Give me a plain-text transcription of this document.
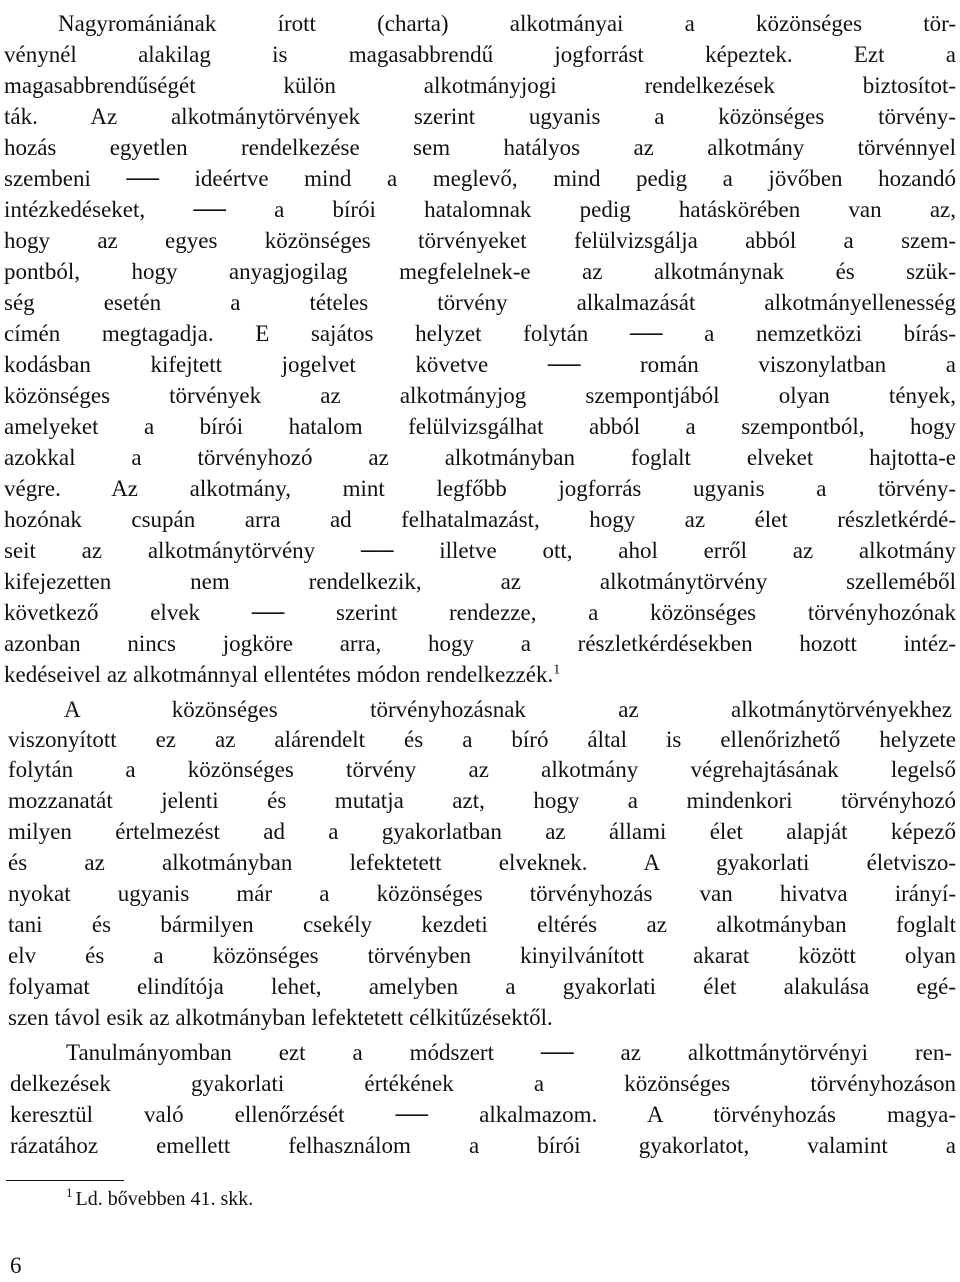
Nagyromániának írott (charta) alkotmányai a közönséges tör-
vénynél alakilag is magasabbrendű jogforrást képeztek. Ezt a
magasabbrendűségét külön alkotmányjogi rendelkezések biztosítot-
ták. Az alkotmánytörvények szerint ugyanis a közönséges törvény-
hozás egyetlen rendelkezése sem hatályos az alkotmány törvénnyel
szembeni ── ideértve mind a meglevő, mind pedig a jövőben hozandó
intézkedéseket, ── a bírói hatalomnak pedig hatáskörében van az,
hogy az egyes közönséges törvényeket felülvizsgálja abból a szem-
pontból, hogy anyagjogilag megfelelnek-e az alkotmánynak és szük-
ség esetén a tételes törvény alkalmazását alkotmányellenesség
címén megtagadja. E sajátos helyzet folytán ── a nemzetközi bírás-
kodásban kifejtett jogelvet követve ── román viszonylatban a
közönséges törvények az alkotmányjog szempontjából olyan tények,
amelyeket a bírói hatalom felülvizsgálhat abból a szempontból, hogy
azokkal a törvényhozó az alkotmányban foglalt elveket hajtotta-e
végre. Az alkotmány, mint legfőbb jogforrás ugyanis a törvény-
hozónak csupán arra ad felhatalmazást, hogy az élet részletkérdé-
seit az alkotmánytörvény ── illetve ott, ahol erről az alkotmány
kifejezetten nem rendelkezik, az alkotmánytörvény szelleméből
következő elvek ── szerint rendezze, a közönséges törvényhozónak
azonban nincs jogköre arra, hogy a részletkérdésekben hozott intéz-
kedéseivel az alkotmánnyal ellentétes módon rendelkezzék.$^1$
A közönséges törvényhozásnak az alkotmánytörvényekhez
viszonyított ez az alárendelt és a bíró által is ellenőrizhető helyzete
folytán a közönséges törvény az alkotmány végrehajtásának legelső
mozzanatát jelenti és mutatja azt, hogy a mindenkori törvényhozó
milyen értelmezést ad a gyakorlatban az állami élet alapját képező
és az alkotmányban lefektetett elveknek. A gyakorlati életviszo-
nyokat ugyanis már a közönséges törvényhozás van hivatva irányí-
tani és bármilyen csekély kezdeti eltérés az alkotmányban foglalt
elv és a közönséges törvényben kinyilvánított akarat között olyan
folyamat elindítója lehet, amelyben a gyakorlati élet alakulása egé-
szen távol esik az alkotmányban lefektetett célkitűzésektől.
Tanulmányomban ezt a módszert ── az alkottmánytörvényi ren-
delkezések gyakorlati értékének a közönséges törvényhozáson
keresztül való ellenőrzését ── alkalmazom. A törvényhozás magya-
rázatához emellett felhasználom a bírói gyakorlatot, valamint a
$^1$ Ld. bővebben 41. skk.
6
